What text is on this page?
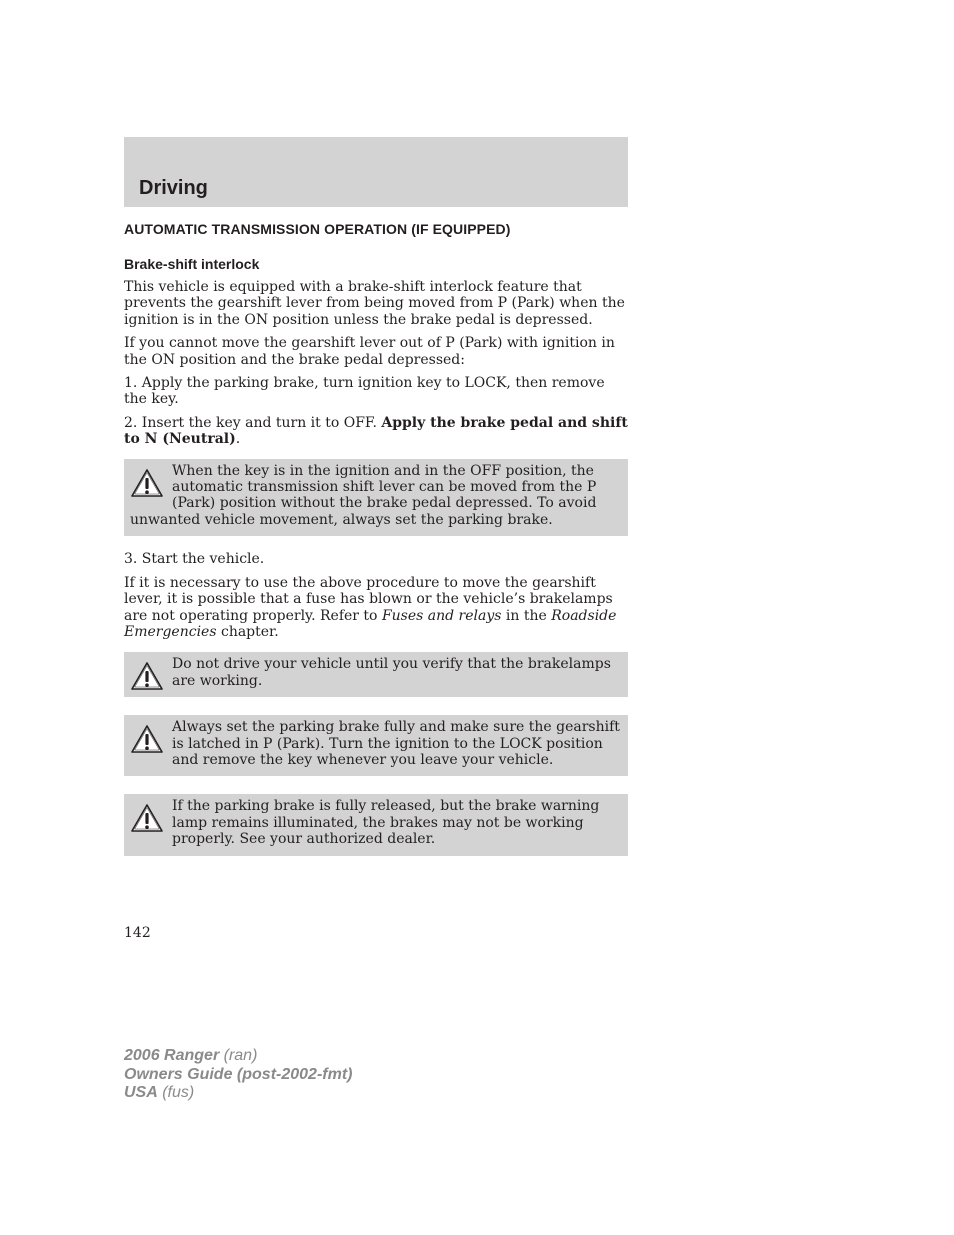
Driving
AUTOMATIC TRANSMISSION OPERATION (IF EQUIPPED)
Brake-shift interlock

This vehicle is equipped with a brake-shift interlock feature that prevents the gearshift lever from being moved from P (Park) when the ignition is in the ON position unless the brake pedal is depressed.

If you cannot move the gearshift lever out of P (Park) with ignition in the ON position and the brake pedal depressed:

1. Apply the parking brake, turn ignition key to LOCK, then remove the key.

2. Insert the key and turn it to OFF. Apply the brake pedal and shift to N (Neutral).

When the key is in the ignition and in the OFF position, the automatic transmission shift lever can be moved from the P (Park) position without the brake pedal depressed. To avoid unwanted vehicle movement, always set the parking brake.

3. Start the vehicle.

If it is necessary to use the above procedure to move the gearshift lever, it is possible that a fuse has blown or the vehicle’s brakelamps are not operating properly. Refer to Fuses and relays in the Roadside Emergencies chapter.

Do not drive your vehicle until you verify that the brakelamps are working.
Always set the parking brake fully and make sure the gearshift is latched in P (Park). Turn the ignition to the LOCK position and remove the key whenever you leave your vehicle.
If the parking brake is fully released, but the brake warning lamp remains illuminated, the brakes may not be working properly. See your authorized dealer.
142
2006 Ranger (ran)
Owners Guide (post-2002-fmt)
USA (fus)
